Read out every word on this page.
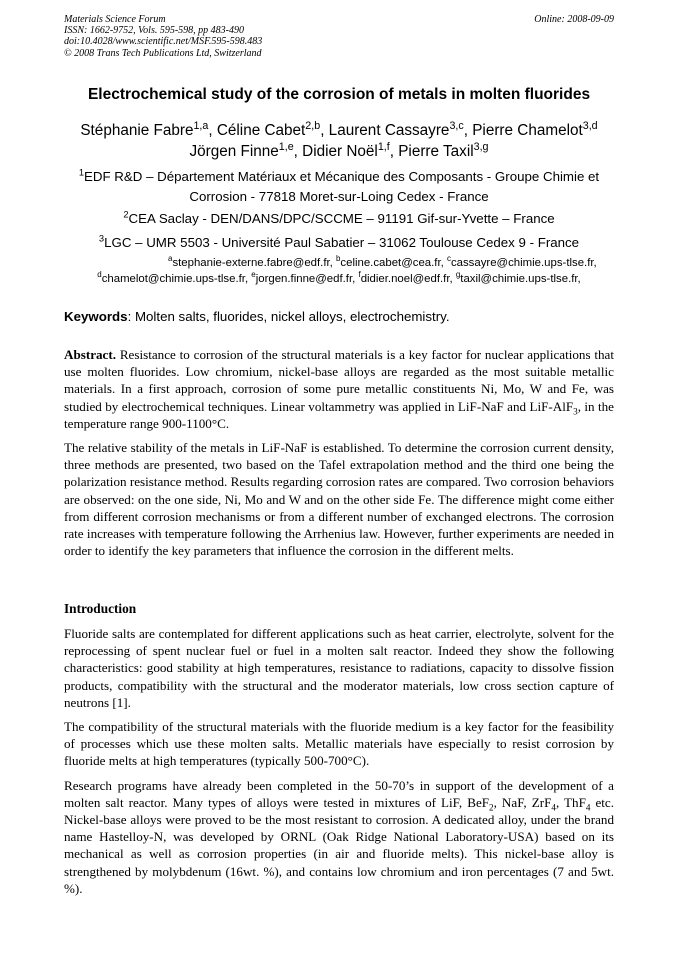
Materials Science Forum
ISSN: 1662-9752, Vols. 595-598, pp 483-490
doi:10.4028/www.scientific.net/MSF.595-598.483
© 2008 Trans Tech Publications Ltd, Switzerland
Online: 2008-09-09
Electrochemical study of the corrosion of metals in molten fluorides
Stéphanie Fabre$^{1,a}$, Céline Cabet$^{2,b}$, Laurent Cassayre$^{3,c}$, Pierre Chamelot$^{3,d}$
Jörgen Finne$^{1,e}$, Didier Noël$^{1,f}$, Pierre Taxil$^{3,g}$
$^1$EDF R&D – Département Matériaux et Mécanique des Composants - Groupe Chimie et Corrosion - 77818 Moret-sur-Loing Cedex - France
$^2$CEA Saclay - DEN/DANS/DPC/SCCME – 91191 Gif-sur-Yvette – France
$^3$LGC – UMR 5503 - Université Paul Sabatier – 31062 Toulouse Cedex 9 - France
$^a$stephanie-externe.fabre@edf.fr, $^b$celine.cabet@cea.fr, $^c$cassayre@chimie.ups-tlse.fr,
$^d$chamelot@chimie.ups-tlse.fr, $^e$jorgen.finne@edf.fr, $^f$didier.noel@edf.fr, $^g$taxil@chimie.ups-tlse.fr,
Keywords: Molten salts, fluorides, nickel alloys, electrochemistry.

Abstract. Resistance to corrosion of the structural materials is a key factor for nuclear applications that use molten fluorides. Low chromium, nickel-base alloys are regarded as the most suitable metallic materials. In a first approach, corrosion of some pure metallic constituents Ni, Mo, W and Fe, was studied by electrochemical techniques. Linear voltammetry was applied in LiF-NaF and LiF-AlF$_3$, in the temperature range 900-1100°C.

The relative stability of the metals in LiF-NaF is established. To determine the corrosion current density, three methods are presented, two based on the Tafel extrapolation method and the third one being the polarization resistance method. Results regarding corrosion rates are compared. Two corrosion behaviors are observed: on the one side, Ni, Mo and W and on the other side Fe. The difference might come either from different corrosion mechanisms or from a different number of exchanged electrons. The corrosion rate increases with temperature following the Arrhenius law. However, further experiments are needed in order to identify the key parameters that influence the corrosion in the different melts.

Introduction

Fluoride salts are contemplated for different applications such as heat carrier, electrolyte, solvent for the reprocessing of spent nuclear fuel or fuel in a molten salt reactor. Indeed they show the following characteristics: good stability at high temperatures, resistance to radiations, capacity to dissolve fission products, compatibility with the structural and the moderator materials, low cross section capture of neutrons [1].

The compatibility of the structural materials with the fluoride medium is a key factor for the feasibility of processes which use these molten salts. Metallic materials have especially to resist corrosion by fluoride melts at high temperatures (typically 500-700°C).

Research programs have already been completed in the 50-70’s in support of the development of a molten salt reactor. Many types of alloys were tested in mixtures of LiF, BeF$_2$, NaF, ZrF$_4$, ThF$_4$ etc. Nickel-base alloys were proved to be the most resistant to corrosion. A dedicated alloy, under the brand name Hastelloy-N, was developed by ORNL (Oak Ridge National Laboratory-USA) based on its mechanical as well as corrosion properties (in air and fluoride melts). This nickel-base alloy is strengthened by molybdenum (16wt. %), and contains low chromium and iron percentages (7 and 5wt. %).
